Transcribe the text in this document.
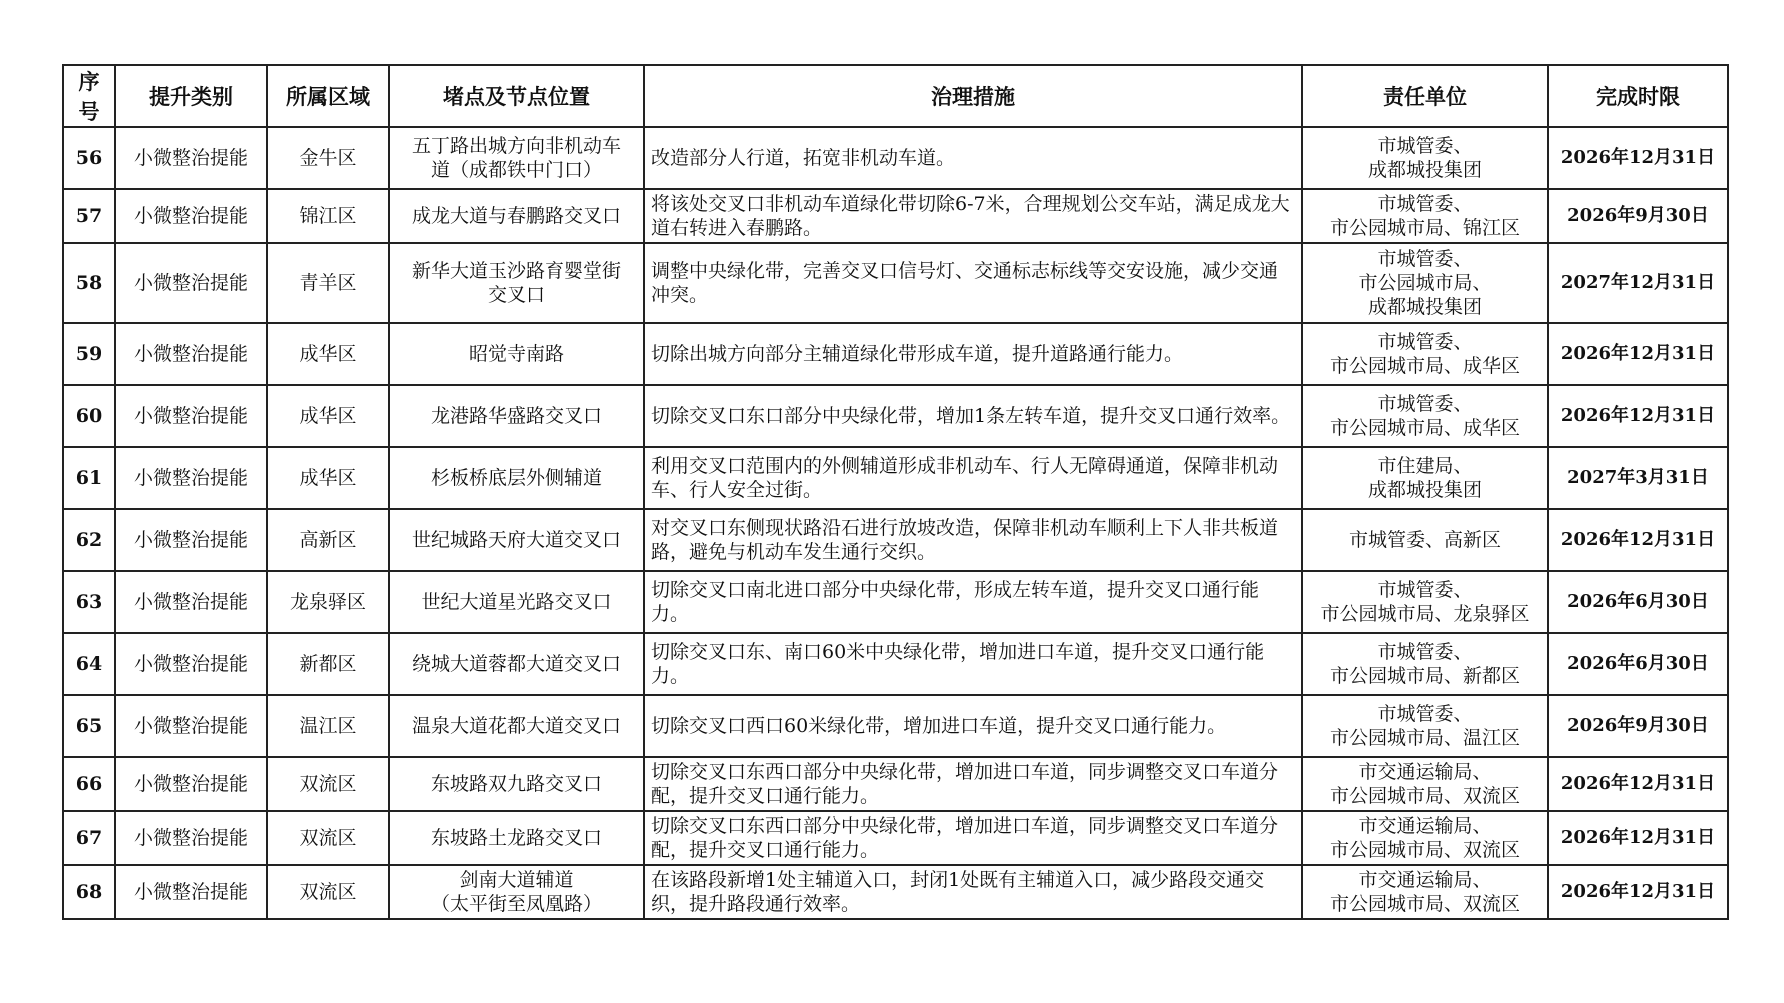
序号	提升类别	所属区域	堵点及节点位置	治理措施	责任单位	完成时限
56	小微整治提能	金牛区	五丁路出城方向非机动车
道（成都铁中门口）	改造部分人行道，拓宽非机动车道。	市城管委、
成都城投集团	2026年12月31日
57	小微整治提能	锦江区	成龙大道与春鹏路交叉口	将该处交叉口非机动车道绿化带切除6-7米，合理规划公交车站，满足成龙大道右转进入春鹏路。	市城管委、
市公园城市局、锦江区	2026年9月30日
58	小微整治提能	青羊区	新华大道玉沙路育婴堂街
交叉口	调整中央绿化带，完善交叉口信号灯、交通标志标线等交安设施，减少交通冲突。	市城管委、
市公园城市局、
成都城投集团	2027年12月31日
59	小微整治提能	成华区	昭觉寺南路	切除出城方向部分主辅道绿化带形成车道，提升道路通行能力。	市城管委、
市公园城市局、成华区	2026年12月31日
60	小微整治提能	成华区	龙港路华盛路交叉口	切除交叉口东口部分中央绿化带，增加1条左转车道，提升交叉口通行效率。	市城管委、
市公园城市局、成华区	2026年12月31日
61	小微整治提能	成华区	杉板桥底层外侧辅道	利用交叉口范围内的外侧辅道形成非机动车、行人无障碍通道，保障非机动车、行人安全过街。	市住建局、
成都城投集团	2027年3月31日
62	小微整治提能	高新区	世纪城路天府大道交叉口	对交叉口东侧现状路沿石进行放坡改造，保障非机动车顺利上下人非共板道路，避免与机动车发生通行交织。	市城管委、高新区	2026年12月31日
63	小微整治提能	龙泉驿区	世纪大道星光路交叉口	切除交叉口南北进口部分中央绿化带，形成左转车道，提升交叉口通行能力。	市城管委、
市公园城市局、龙泉驿区	2026年6月30日
64	小微整治提能	新都区	绕城大道蓉都大道交叉口	切除交叉口东、南口60米中央绿化带，增加进口车道，提升交叉口通行能力。	市城管委、
市公园城市局、新都区	2026年6月30日
65	小微整治提能	温江区	温泉大道花都大道交叉口	切除交叉口西口60米绿化带，增加进口车道，提升交叉口通行能力。	市城管委、
市公园城市局、温江区	2026年9月30日
66	小微整治提能	双流区	东坡路双九路交叉口	切除交叉口东西口部分中央绿化带，增加进口车道，同步调整交叉口车道分配，提升交叉口通行能力。	市交通运输局、
市公园城市局、双流区	2026年12月31日
67	小微整治提能	双流区	东坡路土龙路交叉口	切除交叉口东西口部分中央绿化带，增加进口车道，同步调整交叉口车道分配，提升交叉口通行能力。	市交通运输局、
市公园城市局、双流区	2026年12月31日
68	小微整治提能	双流区	剑南大道辅道
（太平街至凤凰路）	在该路段新增1处主辅道入口，封闭1处既有主辅道入口，减少路段交通交织，提升路段通行效率。	市交通运输局、
市公园城市局、双流区	2026年12月31日
